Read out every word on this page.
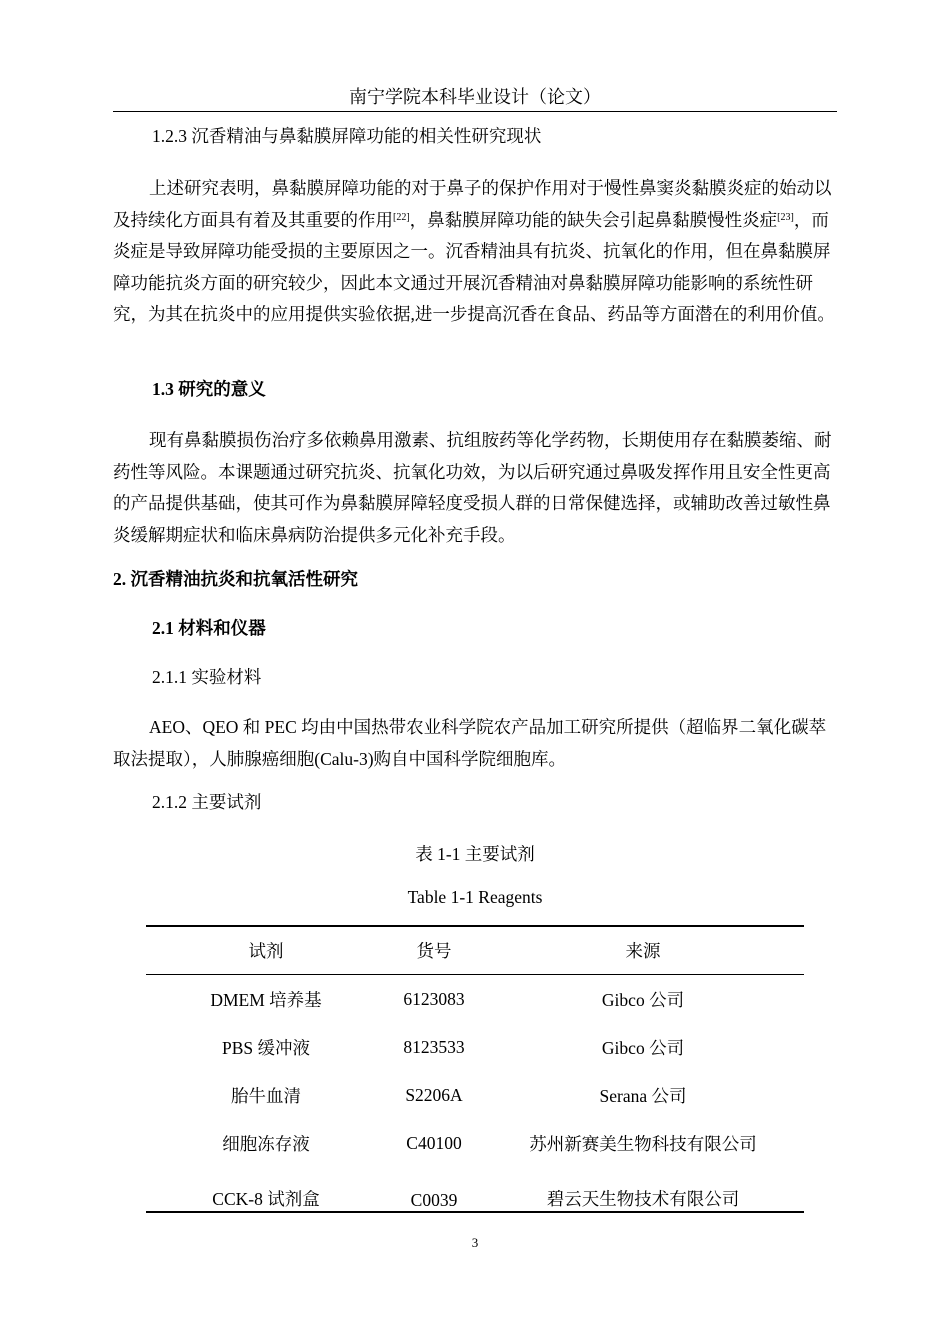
南宁学院本科毕业设计（论文）
1.2.3 沉香精油与鼻黏膜屏障功能的相关性研究现状
上述研究表明，鼻黏膜屏障功能的对于鼻子的保护作用对于慢性鼻窦炎黏膜炎症的始动以及持续化方面具有着及其重要的作用[22]，鼻黏膜屏障功能的缺失会引起鼻黏膜慢性炎症[23]，而炎症是导致屏障功能受损的主要原因之一。沉香精油具有抗炎、抗氧化的作用，但在鼻黏膜屏障功能抗炎方面的研究较少，因此本文通过开展沉香精油对鼻黏膜屏障功能影响的系统性研究，为其在抗炎中的应用提供实验依据,进一步提高沉香在食品、药品等方面潜在的利用价值。
1.3 研究的意义
现有鼻黏膜损伤治疗多依赖鼻用激素、抗组胺药等化学药物，长期使用存在黏膜萎缩、耐药性等风险。本课题通过研究抗炎、抗氧化功效，为以后研究通过鼻吸发挥作用且安全性更高的产品提供基础，使其可作为鼻黏膜屏障轻度受损人群的日常保健选择，或辅助改善过敏性鼻炎缓解期症状和临床鼻病防治提供多元化补充手段。
2. 沉香精油抗炎和抗氧活性研究
2.1 材料和仪器
2.1.1 实验材料
AEO、QEO 和 PEC 均由中国热带农业科学院农产品加工研究所提供（超临界二氧化碳萃取法提取），人肺腺癌细胞(Calu-3)购自中国科学院细胞库。
2.1.2 主要试剂
表 1-1 主要试剂
Table 1-1 Reagents
试剂	货号	来源
DMEM 培养基	6123083	Gibco 公司
PBS 缓冲液	8123533	Gibco 公司
胎牛血清	S2206A	Serana 公司
细胞冻存液	C40100	苏州新赛美生物科技有限公司
CCK-8 试剂盒	C0039	碧云天生物技术有限公司
3
